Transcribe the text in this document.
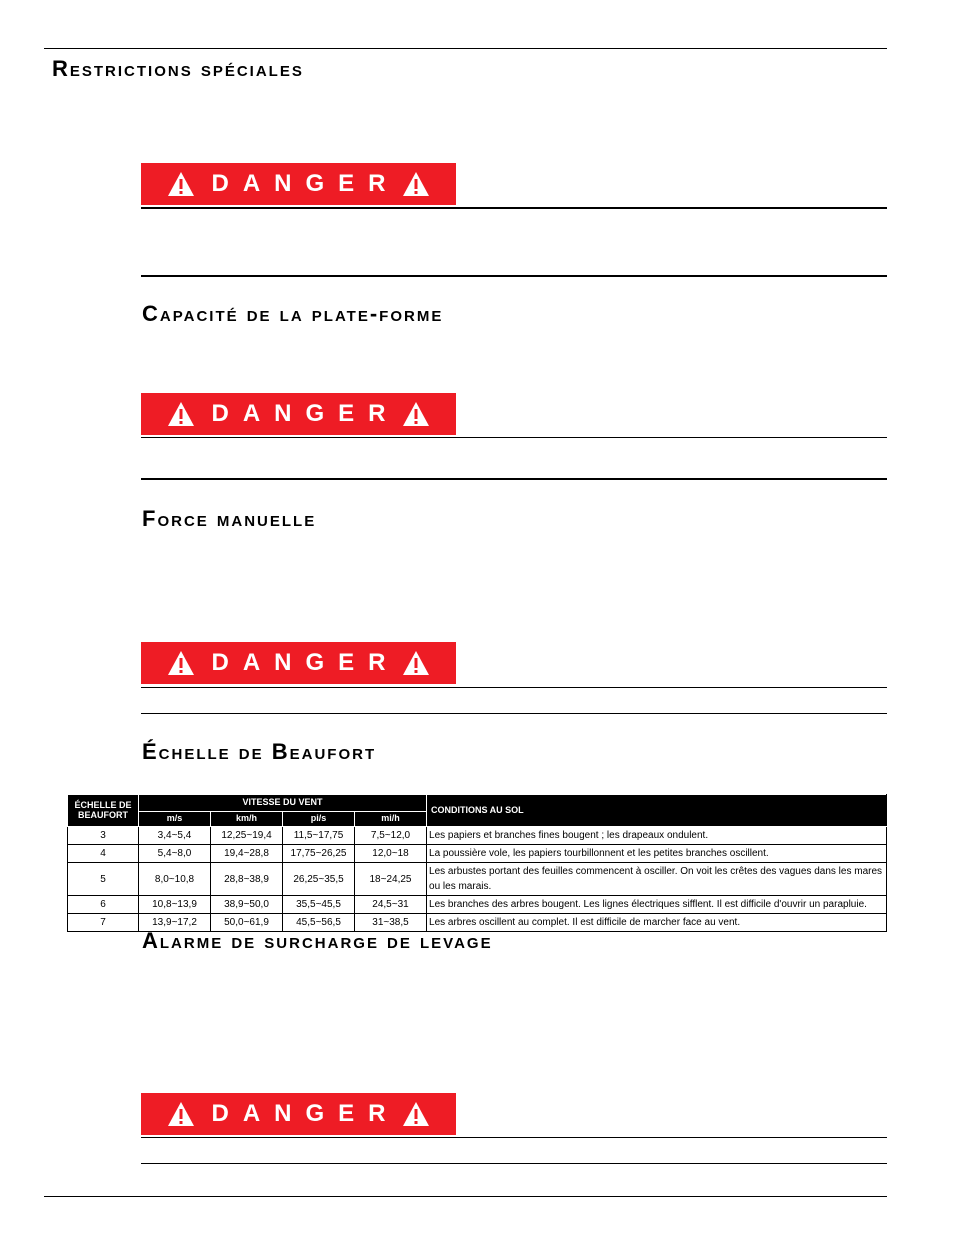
Restrictions spéciales
DANGER
Capacité de la plate-forme
DANGER
Force manuelle
DANGER
Échelle de Beaufort
ÉCHELLE DE BEAUFORT	VITESSE DU VENT				CONDITIONS AU SOL
	m/s	km/h	pi/s	mi/h	
3	3,4~5,4	12,25~19,4	11,5~17,75	7,5~12,0	Les papiers et branches fines bougent ; les drapeaux ondulent.
4	5,4~8,0	19,4~28,8	17,75~26,25	12,0~18	La poussière vole, les papiers tourbillonnent et les petites branches oscillent.
5	8,0~10,8	28,8~38,9	26,25~35,5	18~24,25	Les arbustes portant des feuilles commencent à osciller. On voit les crêtes des vagues dans les mares ou les marais.
6	10,8~13,9	38,9~50,0	35,5~45,5	24,5~31	Les branches des arbres bougent. Les lignes électriques sifflent. Il est difficile d'ouvrir un parapluie.
7	13,9~17,2	50,0~61,9	45,5~56,5	31~38,5	Les arbres oscillent au complet. Il est difficile de marcher face au vent.
Alarme de surcharge de levage
DANGER
